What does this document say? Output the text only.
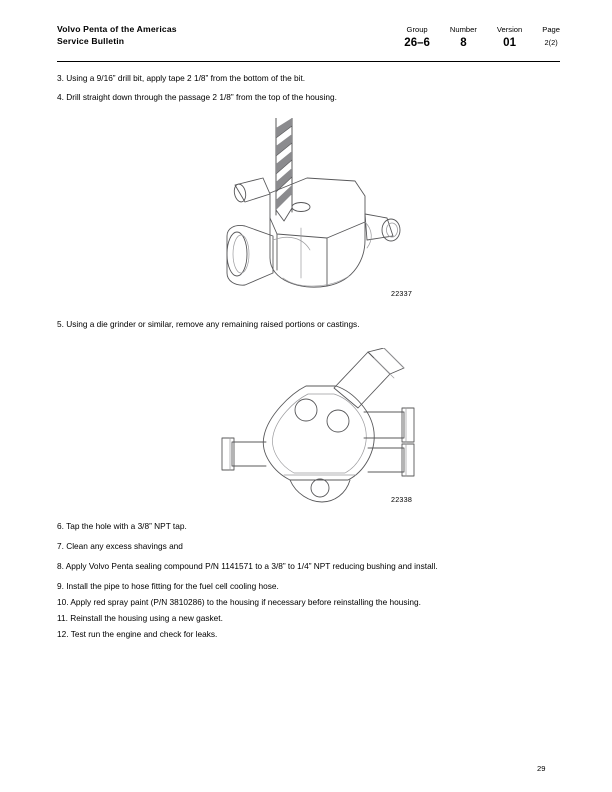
Volvo Penta of the Americas
Service Bulletin
Group
26–6
Number
8
Version
01
Page
2(2)
3. Using a 9/16” drill bit, apply tape 2 1/8” from the bottom of the bit.
4. Drill straight down through the passage 2 1/8” from the top of the housing.
22337
5. Using a die grinder or similar, remove any remaining raised portions or castings.
22338
6. Tap the hole with a 3/8” NPT tap.
7. Clean any excess shavings and
8. Apply Volvo Penta sealing compound P/N 1141571 to a 3/8” to 1/4” NPT reducing bushing and install.
9. Install the pipe to hose fitting for the fuel cell cooling hose.
10. Apply red spray paint (P/N 3810286) to the housing if necessary before reinstalling the housing.
11. Reinstall the housing using a new gasket.
12. Test run the engine and check for leaks.
29
